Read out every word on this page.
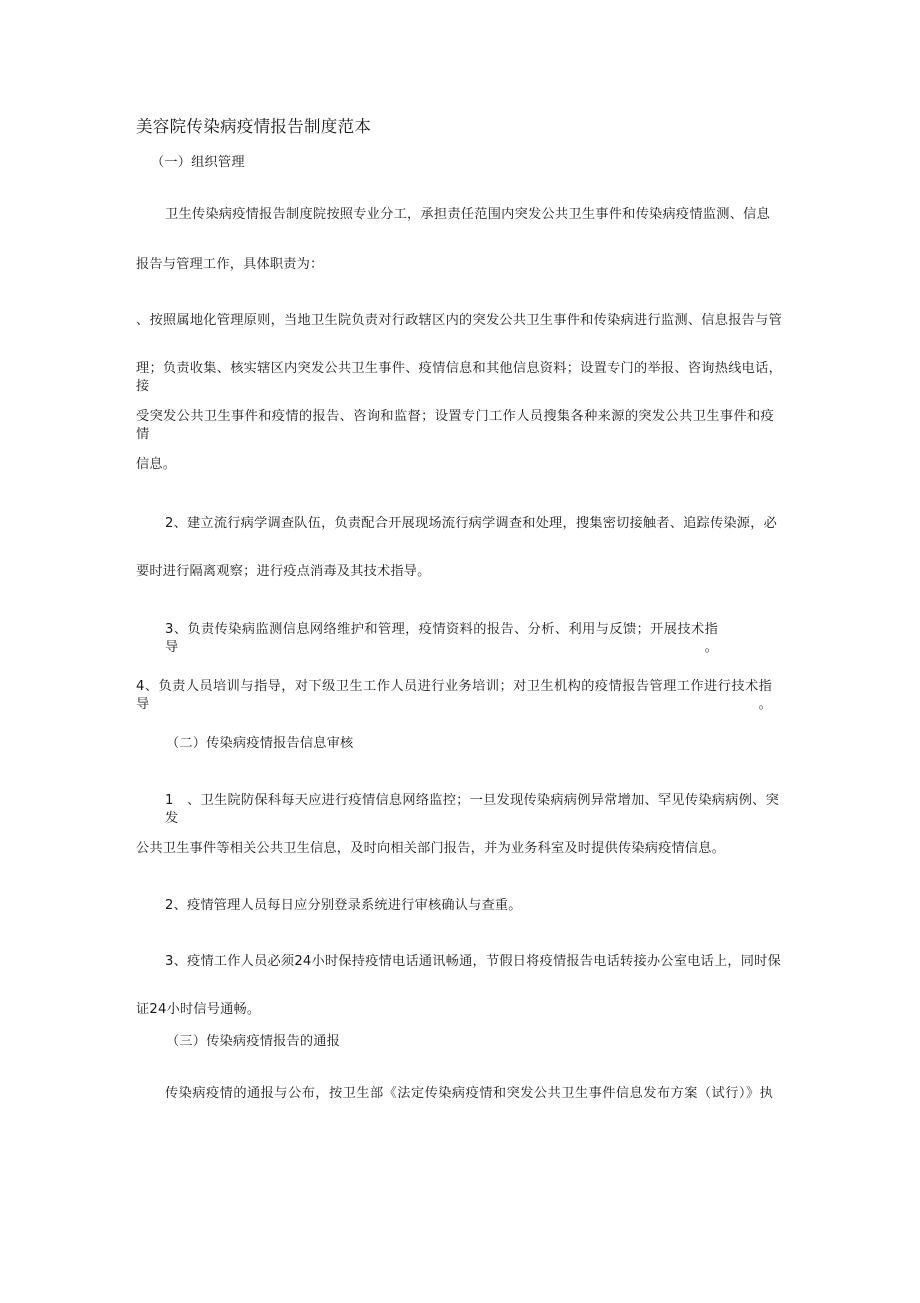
美容院传染病疫情报告制度范本
（一）组织管理
卫生传染病疫情报告制度院按照专业分工，承担责任范围内突发公共卫生事件和传染病疫情监测、信息
报告与管理工作，具体职责为：
、按照属地化管理原则，当地卫生院负责对行政辖区内的突发公共卫生事件和传染病进行监测、信息报告与管
理；负责收集、核实辖区内突发公共卫生事件、疫情信息和其他信息资料；设置专门的举报、咨询热线电话，接
受突发公共卫生事件和疫情的报告、咨询和监督；设置专门工作人员搜集各种来源的突发公共卫生事件和疫情
信息。
2、建立流行病学调查队伍，负责配合开展现场流行病学调查和处理，搜集密切接触者、追踪传染源，必
要时进行隔离观察；进行疫点消毒及其技术指导。
3、负责传染病监测信息网络维护和管理，疫情资料的报告、分析、利用与反馈；开展技术指导。
4、负责人员培训与指导，对下级卫生工作人员进行业务培训；对卫生机构的疫情报告管理工作进行技术指导。
（二）传染病疫情报告信息审核
1　、卫生院防保科每天应进行疫情信息网络监控；一旦发现传染病病例异常增加、罕见传染病病例、突发
公共卫生事件等相关公共卫生信息，及时向相关部门报告，并为业务科室及时提供传染病疫情信息。
2、疫情管理人员每日应分别登录系统进行审核确认与查重。
3、疫情工作人员必须24小时保持疫情电话通讯畅通，节假日将疫情报告电话转接办公室电话上，同时保
证24小时信号通畅。
（三）传染病疫情报告的通报
传染病疫情的通报与公布，按卫生部《法定传染病疫情和突发公共卫生事件信息发布方案（试行）》执
